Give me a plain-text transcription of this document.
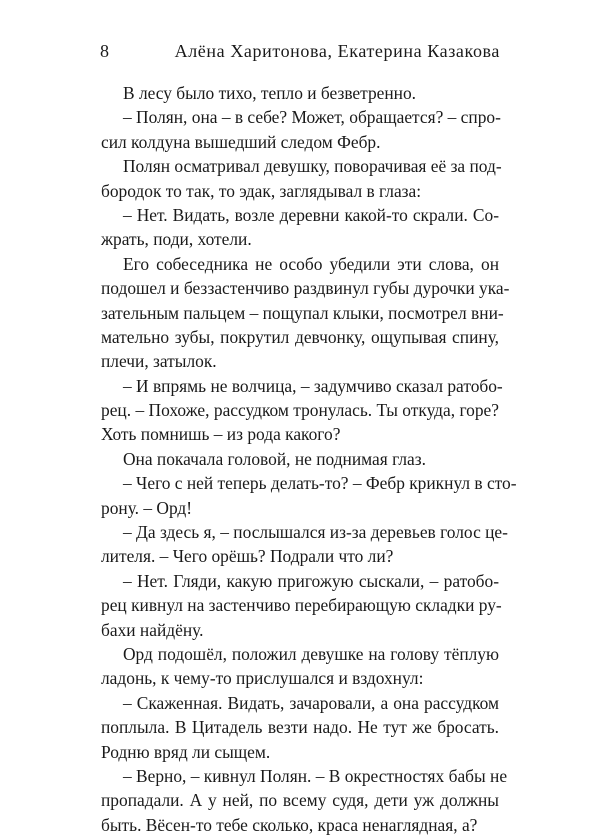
8	Алёна Харитонова, Екатерина Казакова
В лесу было тихо, тепло и безветренно.
– Полян, она – в себе? Может, обращается? – спро-
сил колдуна вышедший следом Фебр.
Полян осматривал девушку, поворачивая её за под-
бородок то так, то эдак, заглядывал в глаза:
– Нет. Видать, возле деревни какой-то скрали. Со-
жрать, поди, хотели.
Его собеседника не особо убедили эти слова, он
подошел и беззастенчиво раздвинул губы дурочки ука-
зательным пальцем – пощупал клыки, посмотрел вни-
мательно зубы, покрутил девчонку, ощупывая спину,
плечи, затылок.
– И впрямь не волчица, – задумчиво сказал ратобо-
рец. – Похоже, рассудком тронулась. Ты откуда, горе?
Хоть помнишь – из рода какого?
Она покачала головой, не поднимая глаз.
– Чего с ней теперь делать-то? – Фебр крикнул в сто-
рону. – Орд!
– Да здесь я, – послышался из-за деревьев голос це-
лителя. – Чего орёшь? Подрали что ли?
– Нет. Гляди, какую пригожую сыскали, – ратобо-
рец кивнул на застенчиво перебирающую складки ру-
бахи найдёну.
Орд подошёл, положил девушке на голову тёплую
ладонь, к чему-то прислушался и вздохнул:
– Скаженная. Видать, зачаровали, а она рассудком
поплыла. В Цитадель везти надо. Не тут же бросать.
Родню вряд ли сыщем.
– Верно, – кивнул Полян. – В окрестностях бабы не
пропадали. А у ней, по всему судя, дети уж должны
быть. Вёсен-то тебе сколько, краса ненаглядная, а?
